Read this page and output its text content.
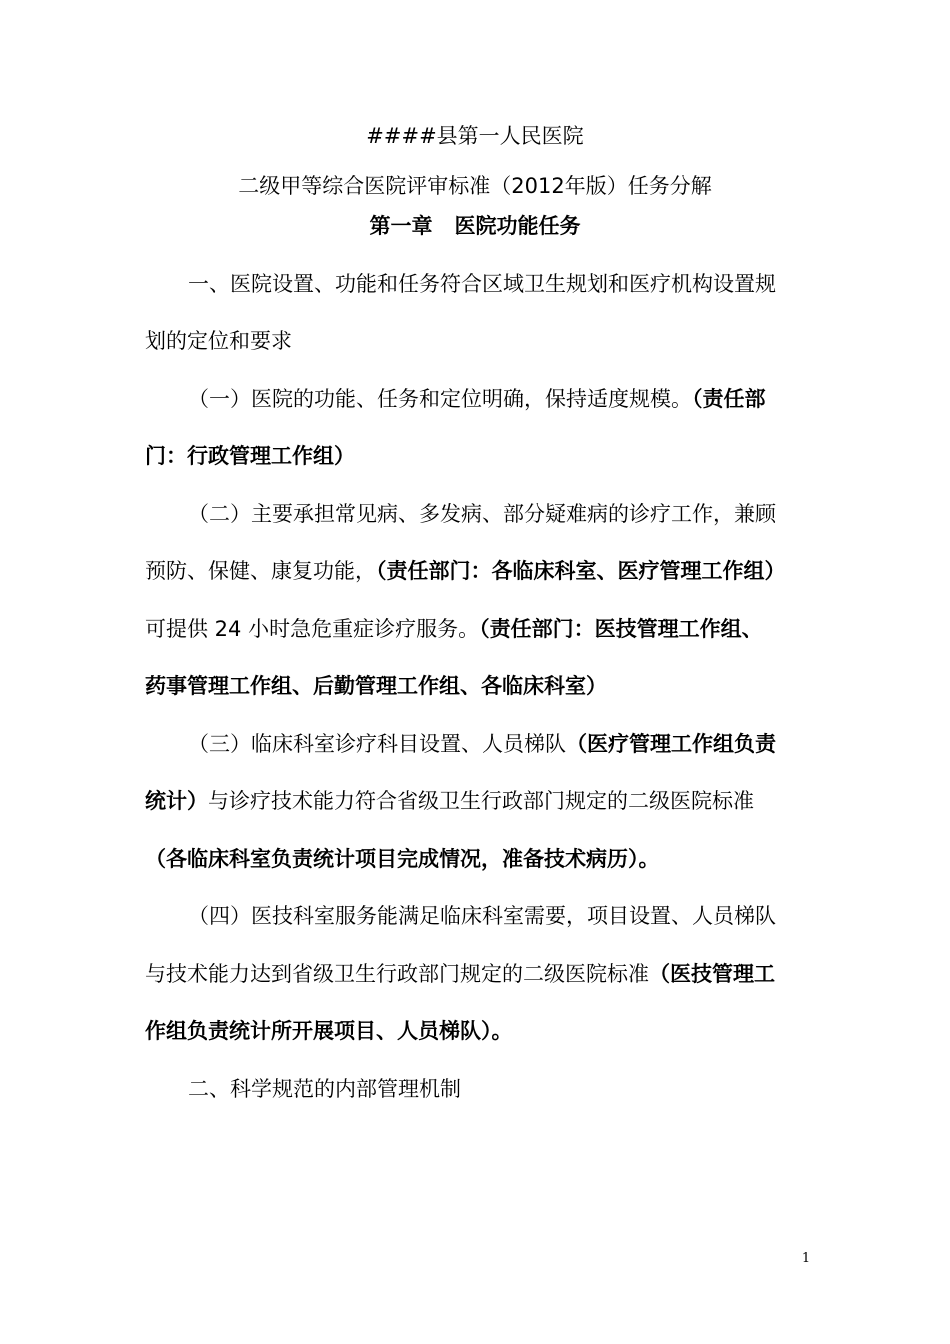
####县第一人民医院
二级甲等综合医院评审标准（2012年版）任务分解
第一章 医院功能任务
一、医院设置、功能和任务符合区域卫生规划和医疗机构设置规
划的定位和要求
（一）医院的功能、任务和定位明确，保持适度规模。（责任部
门：行政管理工作组）
（二）主要承担常见病、多发病、部分疑难病的诊疗工作，兼顾
预防、保健、康复功能，（责任部门：各临床科室、医疗管理工作组）
可提供 24 小时急危重症诊疗服务。（责任部门：医技管理工作组、
药事管理工作组、后勤管理工作组、各临床科室）
（三）临床科室诊疗科目设置、人员梯队（医疗管理工作组负责
统计）与诊疗技术能力符合省级卫生行政部门规定的二级医院标准
（各临床科室负责统计项目完成情况，准备技术病历）。
（四）医技科室服务能满足临床科室需要，项目设置、人员梯队
与技术能力达到省级卫生行政部门规定的二级医院标准（医技管理工
作组负责统计所开展项目、人员梯队）。
二、科学规范的内部管理机制
1
